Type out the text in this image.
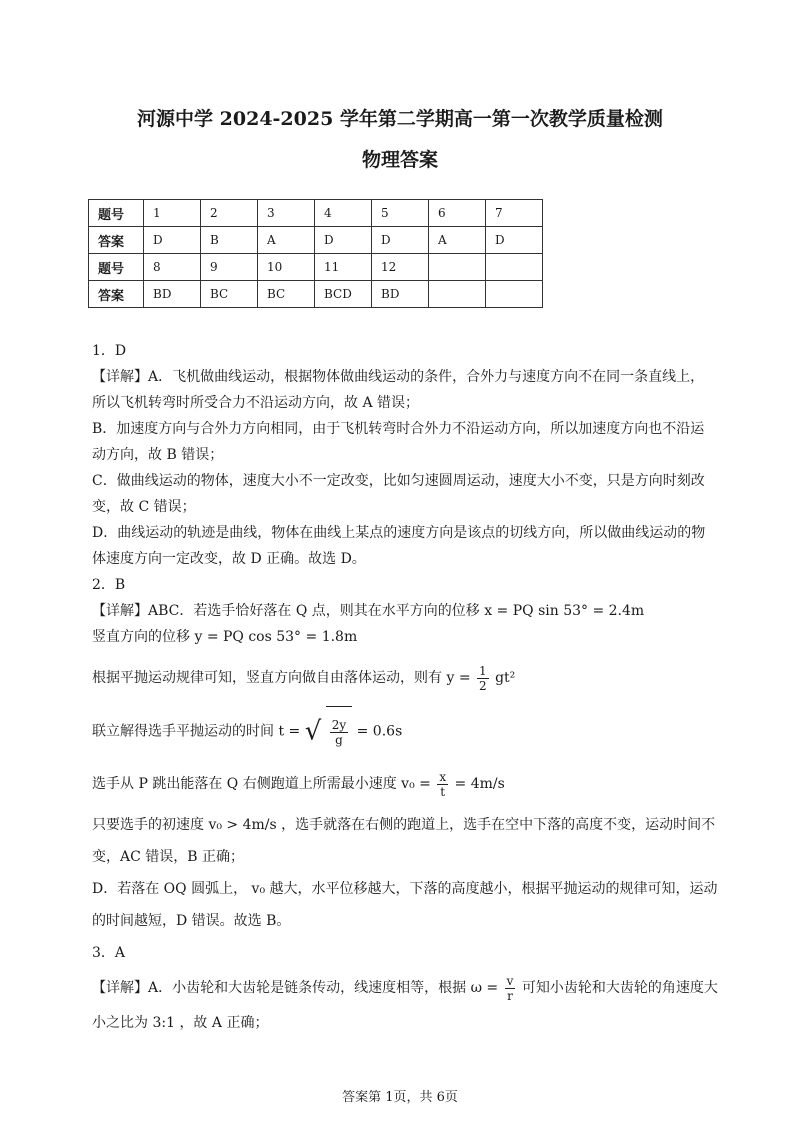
河源中学 2024-2025 学年第二学期高一第一次教学质量检测
物理答案
题号	1	2	3	4	5	6	7
答案	D	B	A	D	D	A	D
题号	8	9	10	11	12		
答案	BD	BC	BC	BCD	BD		
1．D
【详解】A．飞机做曲线运动，根据物体做曲线运动的条件，合外力与速度方向不在同一条直线上，
所以飞机转弯时所受合力不沿运动方向，故 A 错误；
B．加速度方向与合外力方向相同，由于飞机转弯时合外力不沿运动方向，所以加速度方向也不沿运
动方向，故 B 错误；
C．做曲线运动的物体，速度大小不一定改变，比如匀速圆周运动，速度大小不变，只是方向时刻改
变，故 C 错误；
D．曲线运动的轨迹是曲线，物体在曲线上某点的速度方向是该点的切线方向，所以做曲线运动的物
体速度方向一定改变，故 D 正确。故选 D。
2．B
【详解】ABC．若选手恰好落在 Q 点，则其在水平方向的位移 x = PQ sin 53° = 2.4m
竖直方向的位移 y = PQ cos 53° = 1.8m
根据平抛运动规律可知，竖直方向做自由落体运动，则有 $y = \frac{1}{2} gt^2$
联立解得选手平抛运动的时间 t = √ $\frac{2y}{g} = 0.6s$
选手从 P 跳出能落在 Q 右侧跑道上所需最小速度 $v_0 = \frac{x}{t} = 4m/s$
只要选手的初速度 v₀ > 4m/s ，选手就落在右侧的跑道上，选手在空中下落的高度不变，运动时间不
变，AC 错误，B 正确；
D．若落在 OQ 圆弧上， v₀ 越大，水平位移越大，下落的高度越小，根据平抛运动的规律可知，运动
的时间越短，D 错误。故选 B。
3．A
【详解】A．小齿轮和大齿轮是链条传动，线速度相等，根据 $\omega = \frac{v}{r}$ 可知小齿轮和大齿轮的角速度大
小之比为 3:1 ，故 A 正确；
答案第 1页，共 6页
